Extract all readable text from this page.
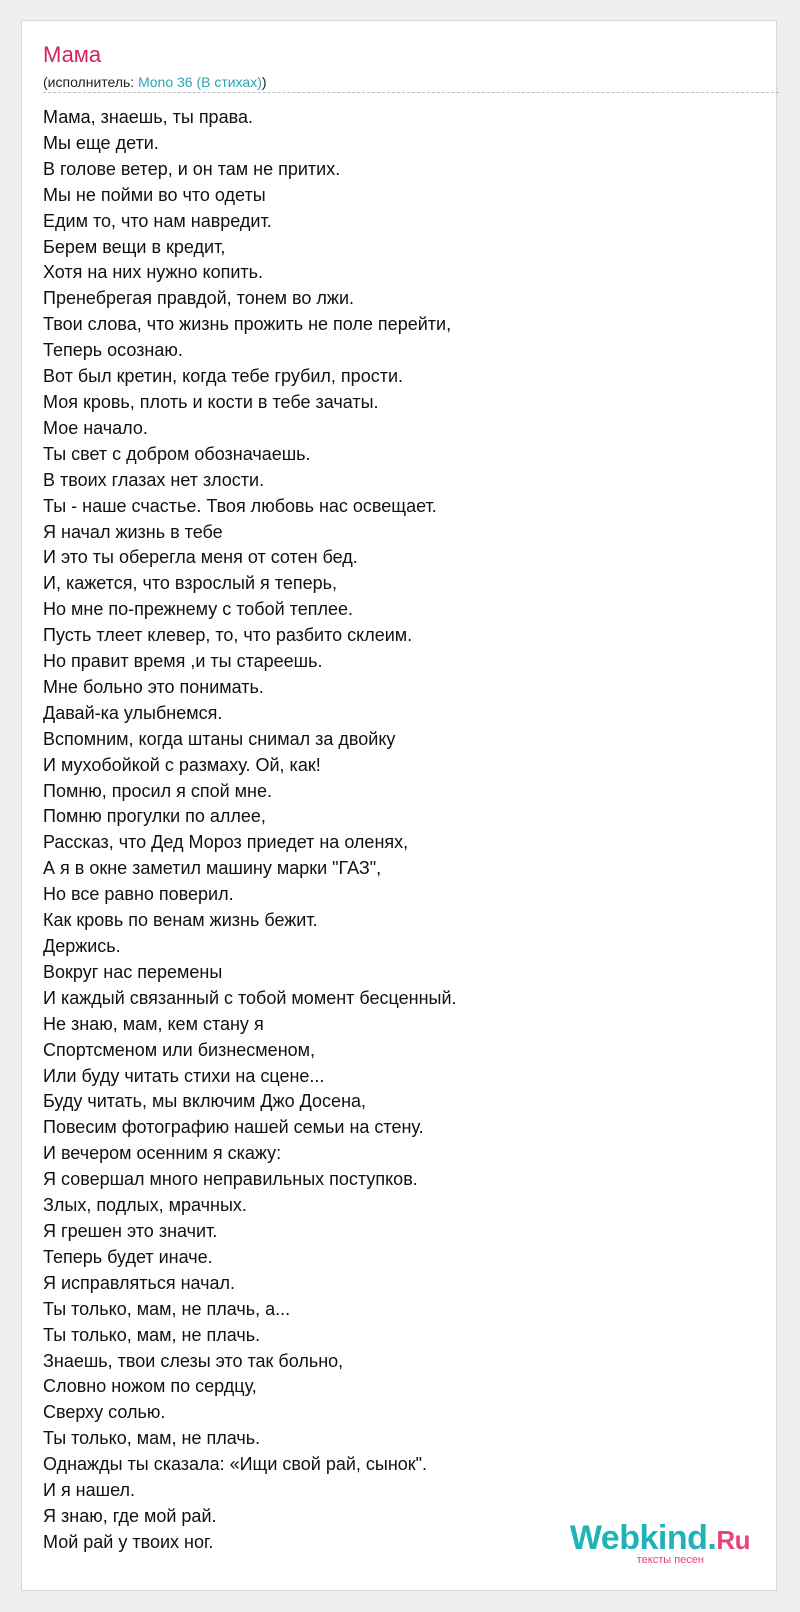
Мама
(исполнитель: Mono 36 (В стихах))
Мама, знаешь, ты права.
Мы еще дети.
В голове ветер, и он там не притих.
Мы не пойми во что одеты
Едим то, что нам навредит.
Берем вещи в кредит,
Хотя на них нужно копить.
Пренебрегая правдой, тонем во лжи.
Твои слова, что жизнь прожить не поле перейти,
Теперь осознаю.
Вот был кретин, когда тебе грубил, прости.
Моя кровь, плоть и кости в тебе зачаты.
Мое начало.
Ты свет с добром обозначаешь.
В твоих глазах нет злости.
Ты - наше счастье. Твоя любовь нас освещает.
Я начал жизнь в тебе
И это ты оберегла меня от сотен бед.
И, кажется, что взрослый я теперь,
Но мне по-прежнему с тобой теплее.
Пусть тлеет клевер, то, что разбито склеим.
Но правит время ,и ты стареешь.
Мне больно это понимать.
Давай-ка улыбнемся.
Вспомним, когда штаны снимал за двойку
И мухобойкой с размаху. Ой, как!
Помню, просил я спой мне.
Помню прогулки по аллее,
Рассказ, что Дед Мороз приедет на оленях,
А я в окне заметил машину марки "ГАЗ",
Но все равно поверил.
Как кровь по венам жизнь бежит.
Держись.
Вокруг нас перемены
И каждый связанный с тобой момент бесценный.
Не знаю, мам, кем стану я
Спортсменом или бизнесменом,
Или буду читать стихи на сцене...
Буду читать, мы включим Джо Досена,
Повесим фотографию нашей семьи на стену.
И вечером осенним я скажу:
Я совершал много неправильных поступков.
Злых, подлых, мрачных.
Я грешен это значит.
Теперь будет иначе.
Я исправляться начал.
Ты только, мам, не плачь, а...
Ты только, мам, не плачь.
Знаешь, твои слезы это так больно,
Словно ножом по сердцу,
Сверху солью.
Ты только, мам, не плачь.
Однажды ты сказала: «Ищи свой рай, сынок".
И я нашел.
Я знаю, где мой рай.
Мой рай у твоих ног.	Webkind.Ru
тексты песен
